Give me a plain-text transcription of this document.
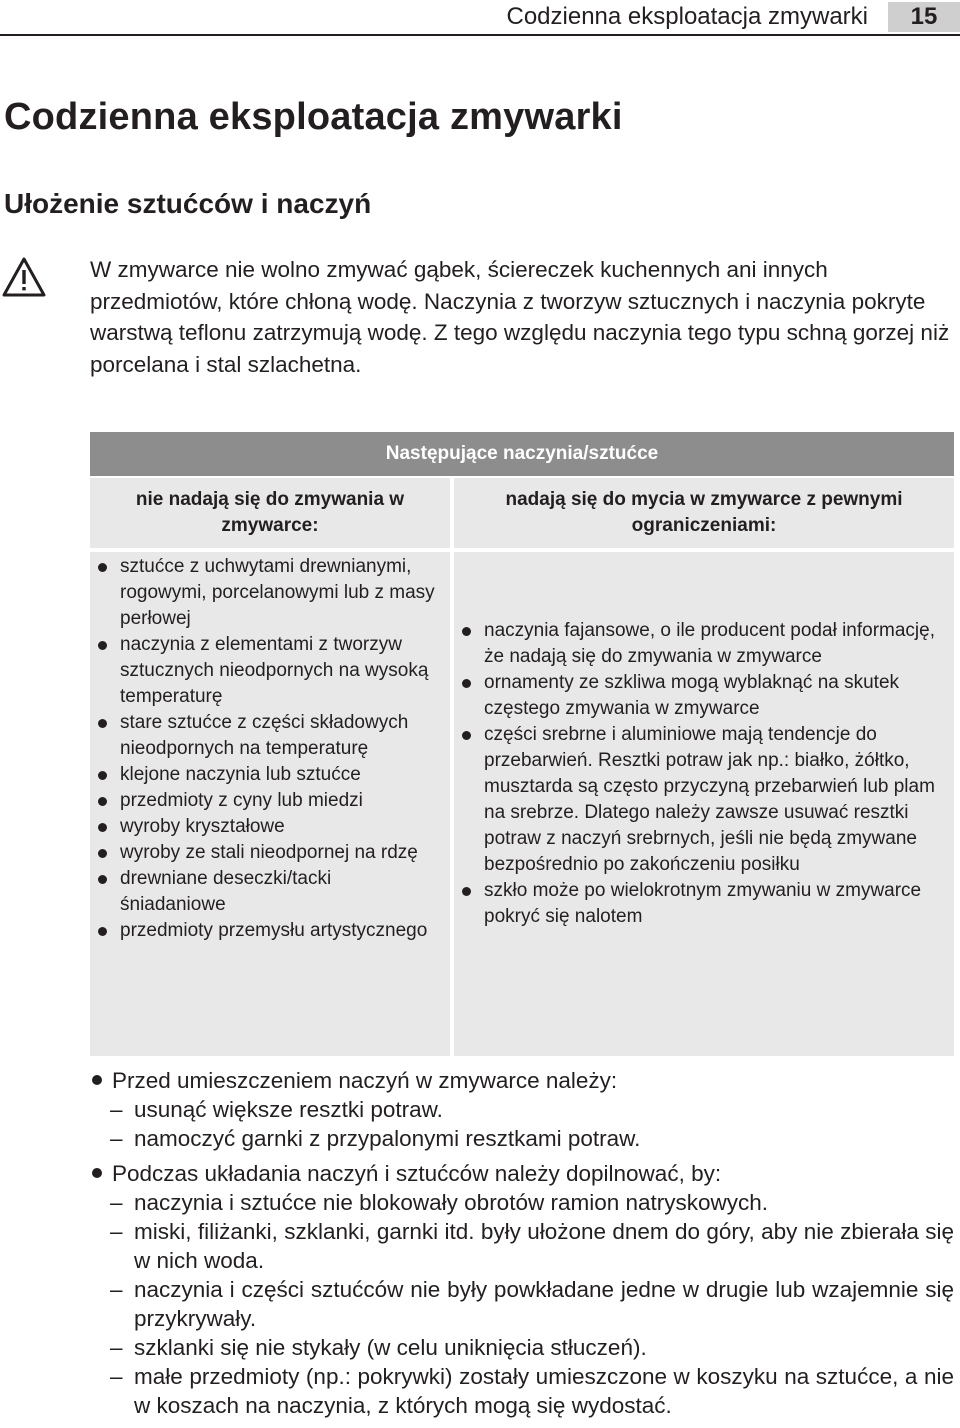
Codzienna eksploatacja zmywarki	15
Codzienna eksploatacja zmywarki
Ułożenie sztućców i naczyń

W zmywarce nie wolno zmywać gąbek, ściereczek kuchennych ani innych przedmiotów, które chłoną wodę. Naczynia z tworzyw sztucznych i naczynia pokryte warstwą teflonu zatrzymują wodę. Z tego względu naczynia tego typu schną gorzej niż porcelana i stal szlachetna.

Następujące naczynia/sztućce
nie nadają się do zmywania w zmywarce:
nadają się do mycia w zmywarce z pewnymi ograniczeniami:
sztućce z uchwytami drewnianymi, rogowymi, porcelanowymi lub z masy perłowej
naczynia z elementami z tworzyw sztucznych nieodpornych na wysoką temperaturę
stare sztućce z części składowych nieodpornych na temperaturę
klejone naczynia lub sztućce
przedmioty z cyny lub miedzi
wyroby kryształowe
wyroby ze stali nieodpornej na rdzę
drewniane deseczki/tacki śniadaniowe
przedmioty przemysłu artystycznego
naczynia fajansowe, o ile producent podał informację, że nadają się do zmywania w zmywarce
ornamenty ze szkliwa mogą wyblaknąć na skutek częstego zmywania w zmywarce
części srebrne i aluminiowe mają tendencje do przebarwień. Resztki potraw jak np.: białko, żółtko, musztarda są często przyczyną przebarwień lub plam na srebrze. Dlatego należy zawsze usuwać resztki potraw z naczyń srebrnych, jeśli nie będą zmywane bezpośrednio po zakończeniu posiłku
szkło może po wielokrotnym zmywaniu w zmywarce pokryć się nalotem
Przed umieszczeniem naczyń w zmywarce należy:
– usunąć większe resztki potraw.
– namoczyć garnki z przypalonymi resztkami potraw.
Podczas układania naczyń i sztućców należy dopilnować, by:
– naczynia i sztućce nie blokowały obrotów ramion natryskowych.
– miski, filiżanki, szklanki, garnki itd. były ułożone dnem do góry, aby nie zbierała się w nich woda.
– naczynia i części sztućców nie były powkładane jedne w drugie lub wzajemnie się przykrywały.
– szklanki się nie stykały (w celu uniknięcia stłuczeń).
– małe przedmioty (np.: pokrywki) zostały umieszczone w koszyku na sztućce, a nie w koszach na naczynia, z których mogą się wydostać.
